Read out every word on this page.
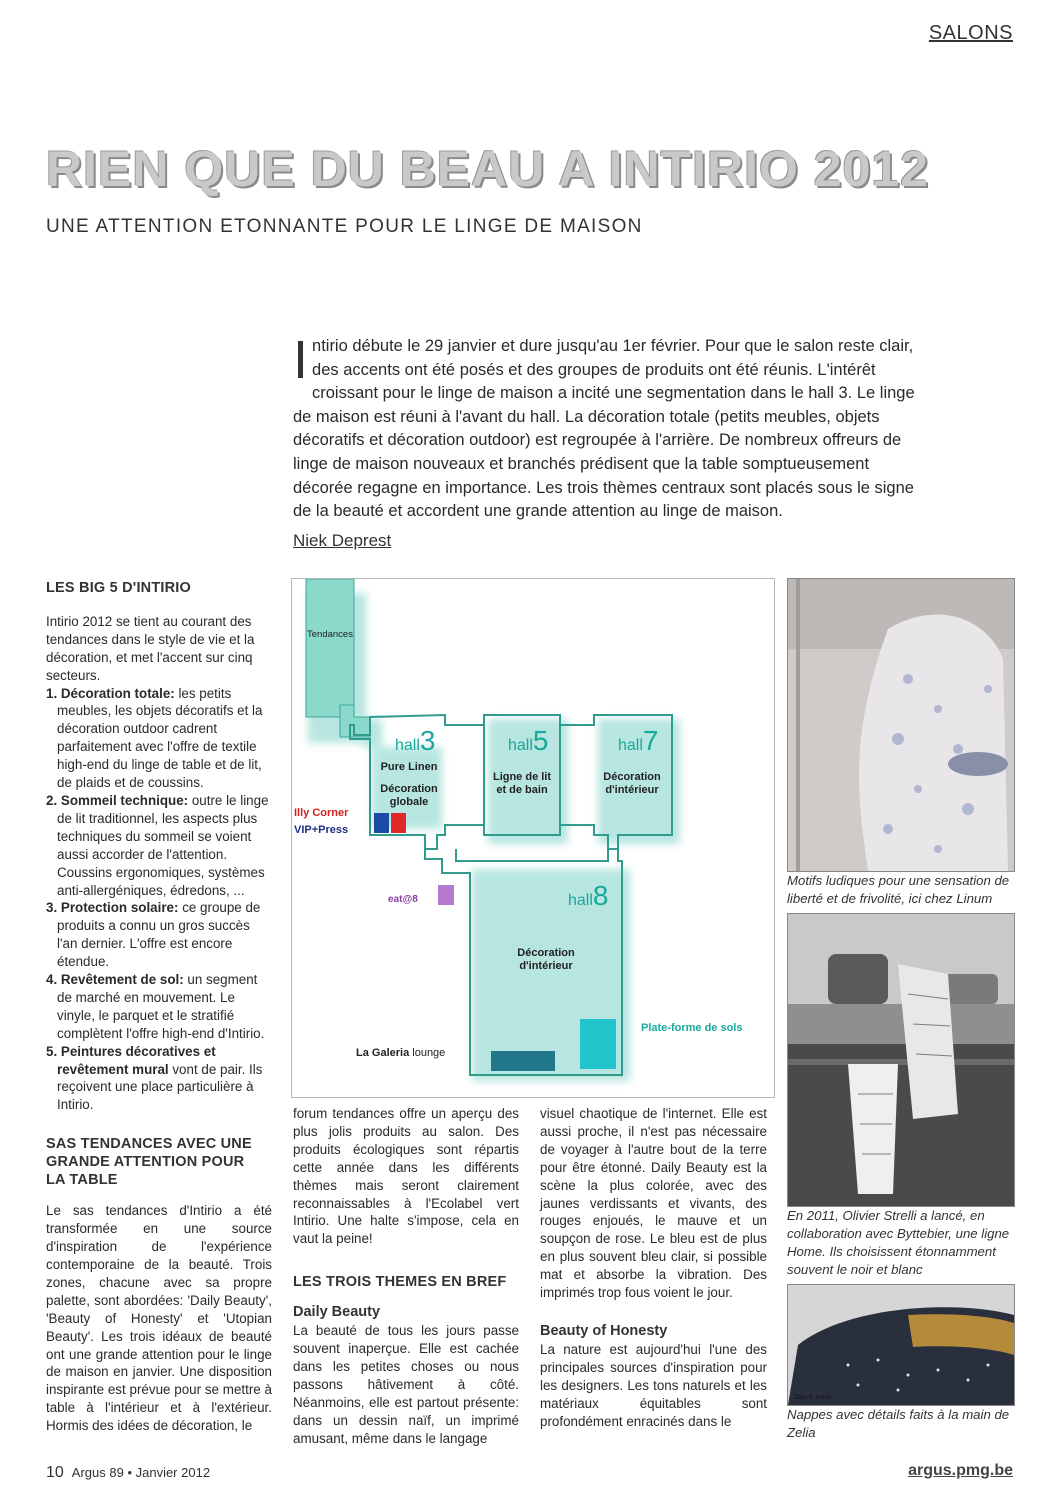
SALONS
RIEN QUE DU BEAU A INTIRIO 2012
UNE ATTENTION ETONNANTE POUR LE LINGE DE MAISON
Intirio débute le 29 janvier et dure jusqu'au 1er février. Pour que le salon reste clair, des accents ont été posés et des groupes de produits ont été réunis. L'intérêt croissant pour le linge de maison a incité une segmentation dans le hall 3. Le linge de maison est réuni à l'avant du hall. La décoration totale (petits meubles, objets décoratifs et décoration outdoor) est regroupée à l'arrière. De nombreux offreurs de linge de maison nouveaux et branchés prédisent que la table somptueusement décorée regagne en importance. Les trois thèmes centraux sont placés sous le signe de la beauté et accordent une grande attention au linge de maison.
Niek Deprest
LES BIG 5 D'INTIRIO

Intirio 2012 se tient au courant des tendances dans le style de vie et la décoration, et met l'accent sur cinq secteurs.

1. Décoration totale: les petits meubles, les objets décoratifs et la décoration outdoor cadrent parfaitement avec l'offre de textile high-end du linge de table et de lit, de plaids et de coussins.
2. Sommeil technique: outre le linge de lit traditionnel, les aspects plus techniques du sommeil se voient aussi accorder de l'attention. Coussins ergonomiques, systèmes anti-allergéniques, édredons, ...
3. Protection solaire: ce groupe de produits a connu un gros succès l'an dernier. L'offre est encore étendue.
4. Revêtement de sol: un segment de marché en mouvement. Le vinyle, le parquet et le stratifié complètent l'offre high-end d'Intirio.
5. Peintures décoratives et revêtement mural vont de pair. Ils reçoivent une place particulière à Intirio.
SAS TENDANCES AVEC UNE GRANDE ATTENTION POUR LA TABLE

Le sas tendances d'Intirio a été transformée en une source d'inspiration de l'expérience contemporaine de la beauté. Trois zones, chacune avec sa propre palette, sont abordées: 'Daily Beauty', 'Beauty of Honesty' et 'Utopian Beauty'. Les trois idéaux de beauté ont une grande attention pour le linge de maison en janvier. Une disposition inspirante est prévue pour se mettre à table à l'intérieur et à l'extérieur. Hormis des idées de décoration, le

hall3	hall5	hall7
hall8
Tendances
Pure Linen
Décoration
globale
Ligne de lit
et de bain
Décoration
d'intérieur
Décoration
d'intérieur
Illy Corner
VIP+Press
eat@8
Plate-forme de sols
La Galeria lounge

forum tendances offre un aperçu des plus jolis produits au salon. Des produits écologiques sont répartis cette année dans les différents thèmes mais seront clairement reconnaissables à l'Ecolabel vert Intirio. Une halte s'impose, cela en vaut la peine!

LES TROIS THEMES EN BREF
Daily Beauty

La beauté de tous les jours passe souvent inaperçue. Elle est cachée dans les petites choses ou nous passons hâtivement à côté. Néanmoins, elle est partout présente: dans un dessin naïf, un imprimé amusant, même dans le langage

visuel chaotique de l'internet. Elle est aussi proche, il n'est pas nécessaire de voyager à l'autre bout de la terre pour être étonné. Daily Beauty est la scène la plus colorée, avec des jaunes verdissants et vivants, des rouges enjoués, le mauve et un soupçon de rose. Le bleu est de plus en plus souvent bleu clair, si possible mat et absorbe la vibration. Des imprimés trop fous voient le jour.

Beauty of Honesty

La nature est aujourd'hui l'une des principales sources d'inspiration pour les designers. Les tons naturels et les matériaux équitables sont profondément enracinés dans le

Motifs ludiques pour une sensation de liberté et de frivolité, ici chez Linum
En 2011, Olivier Strelli a lancé, en collaboration avec Byttebier, une ligne Home. Ils choisissent étonnamment souvent le noir et blanc
Zelia K. home
Nappes avec détails faits à la main de Zelia
10 Argus 89 • Janvier 2012	argus.pmg.be
